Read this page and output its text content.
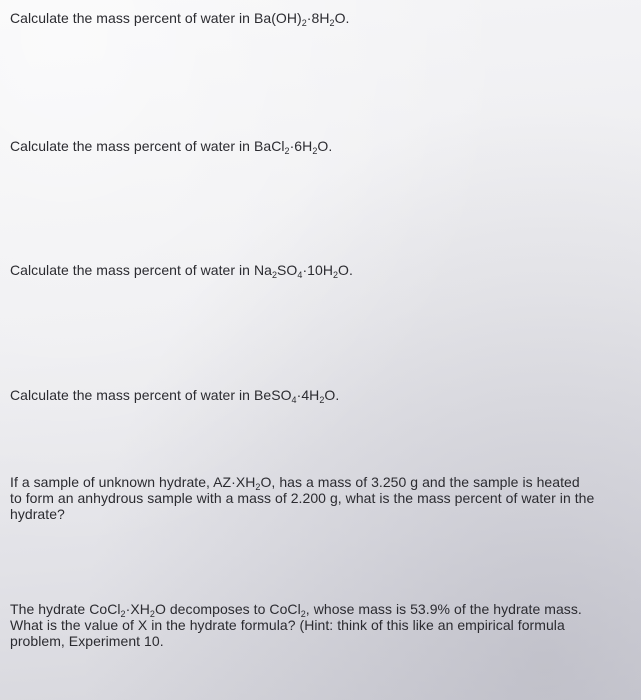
Calculate the mass percent of water in $Ba(OH)_2\cdot 8H_2O$.
Calculate the mass percent of water in $BaCl_2\cdot 6H_2O$.
Calculate the mass percent of water in $Na_2SO_4\cdot 10H_2O$.
Calculate the mass percent of water in $BeSO_4\cdot 4H_2O$.
If a sample of unknown hydrate, $AZ\cdot XH_2O$, has a mass of 3.250 g and the sample is heated to form an anhydrous sample with a mass of 2.200 g, what is the mass percent of water in the hydrate?
The hydrate $CoCl_2\cdot XH_2O$ decomposes to CoCl$_2$, whose mass is 53.9% of the hydrate mass. What is the value of X in the hydrate formula? (Hint: think of this like an empirical formula problem, Experiment 10.
